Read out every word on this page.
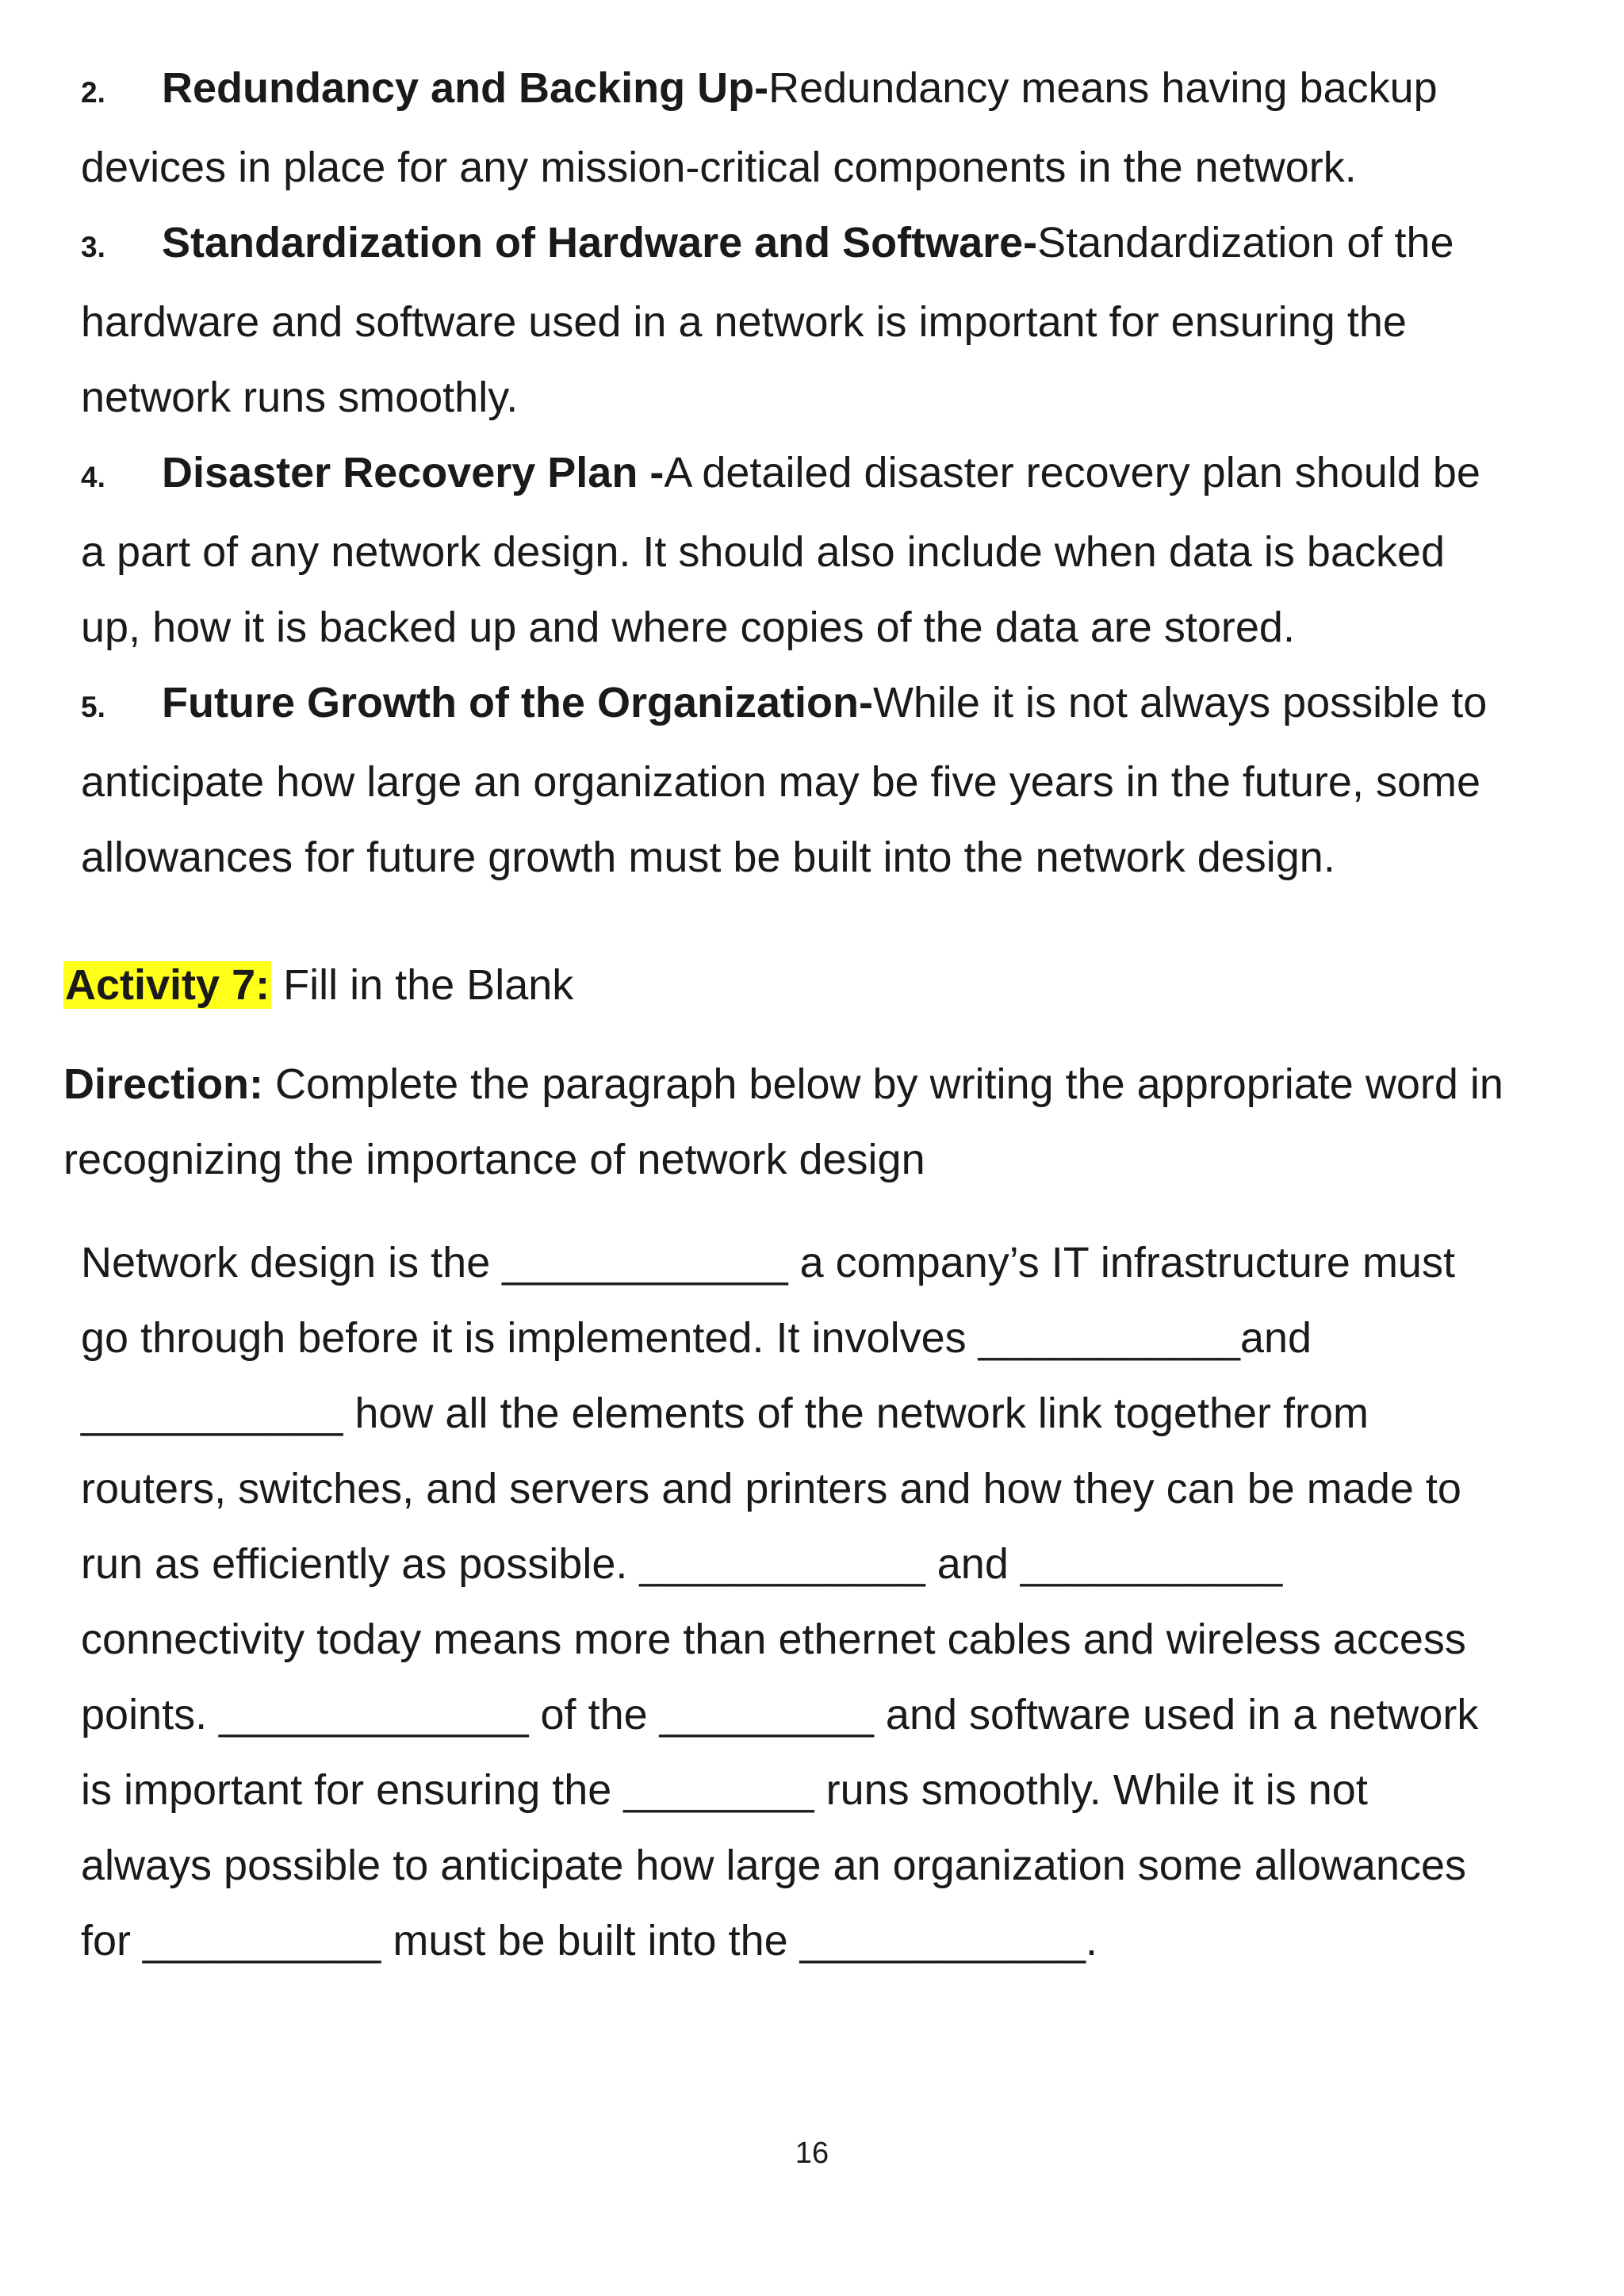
2. Redundancy and Backing Up-Redundancy means having backup
devices in place for any mission-critical components in the network.
3. Standardization of Hardware and Software-Standardization of the
hardware and software used in a network is important for ensuring the
network runs smoothly.
4. Disaster Recovery Plan -A detailed disaster recovery plan should be
a part of any network design. It should also include when data is backed
up, how it is backed up and where copies of the data are stored.
5. Future Growth of the Organization-While it is not always possible to
anticipate how large an organization may be five years in the future, some
allowances for future growth must be built into the network design.
Activity 7: Fill in the Blank
Direction: Complete the paragraph below by writing the appropriate word in
recognizing the importance of network design
Network design is the ____________ a company’s IT infrastructure must
go through before it is implemented. It involves ___________and
___________ how all the elements of the network link together from
routers, switches, and servers and printers and how they can be made to
run as efficiently as possible. ____________ and ___________
connectivity today means more than ethernet cables and wireless access
points. _____________ of the _________ and software used in a network
is important for ensuring the ________ runs smoothly. While it is not
always possible to anticipate how large an organization some allowances
for __________ must be built into the ____________.
16
